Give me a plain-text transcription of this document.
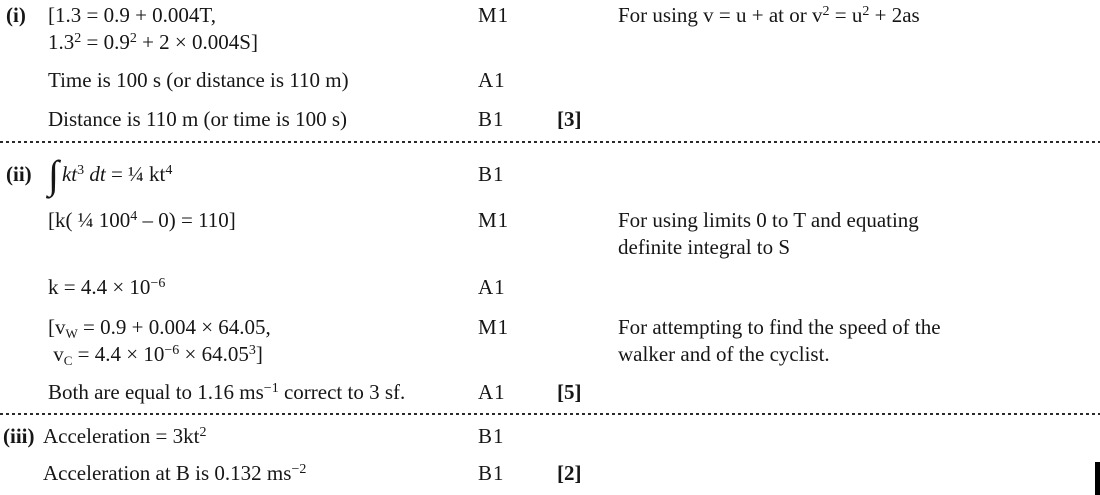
(i) [1.3 = 0.9 + 0.004T,
$1.3^2 = 0.9^2 + 2 \times 0.004S$]
M1	For using v = u + at or $v^2 = u^2 + 2as$
Time is 100 s (or distance is 110 m)	A1
Distance is 110 m (or time is 100 s)	B1 [3]
(ii) ∫ $kt^3$ dt = ¼ $kt^4$	B1
[k( ¼ $100^4 - 0) = 110$]	M1	For using limits 0 to T and equating
definite integral to S
$k = 4.4 \times 10^{-6}$	A1
[$v_W = 0.9 + 0.004 \times 64.05$,
$v_C = 4.4 \times 10^{-6} \times 64.05^3$]
M1	For attempting to find the speed of the
walker and of the cyclist.
Both are equal to 1.16 $ms^{-1}$ correct to 3 sf.	A1 [5]
(iii) Acceleration = $3kt^2$	B1
Acceleration at B is 0.132 $ms^{-2}$	B1 [2]
